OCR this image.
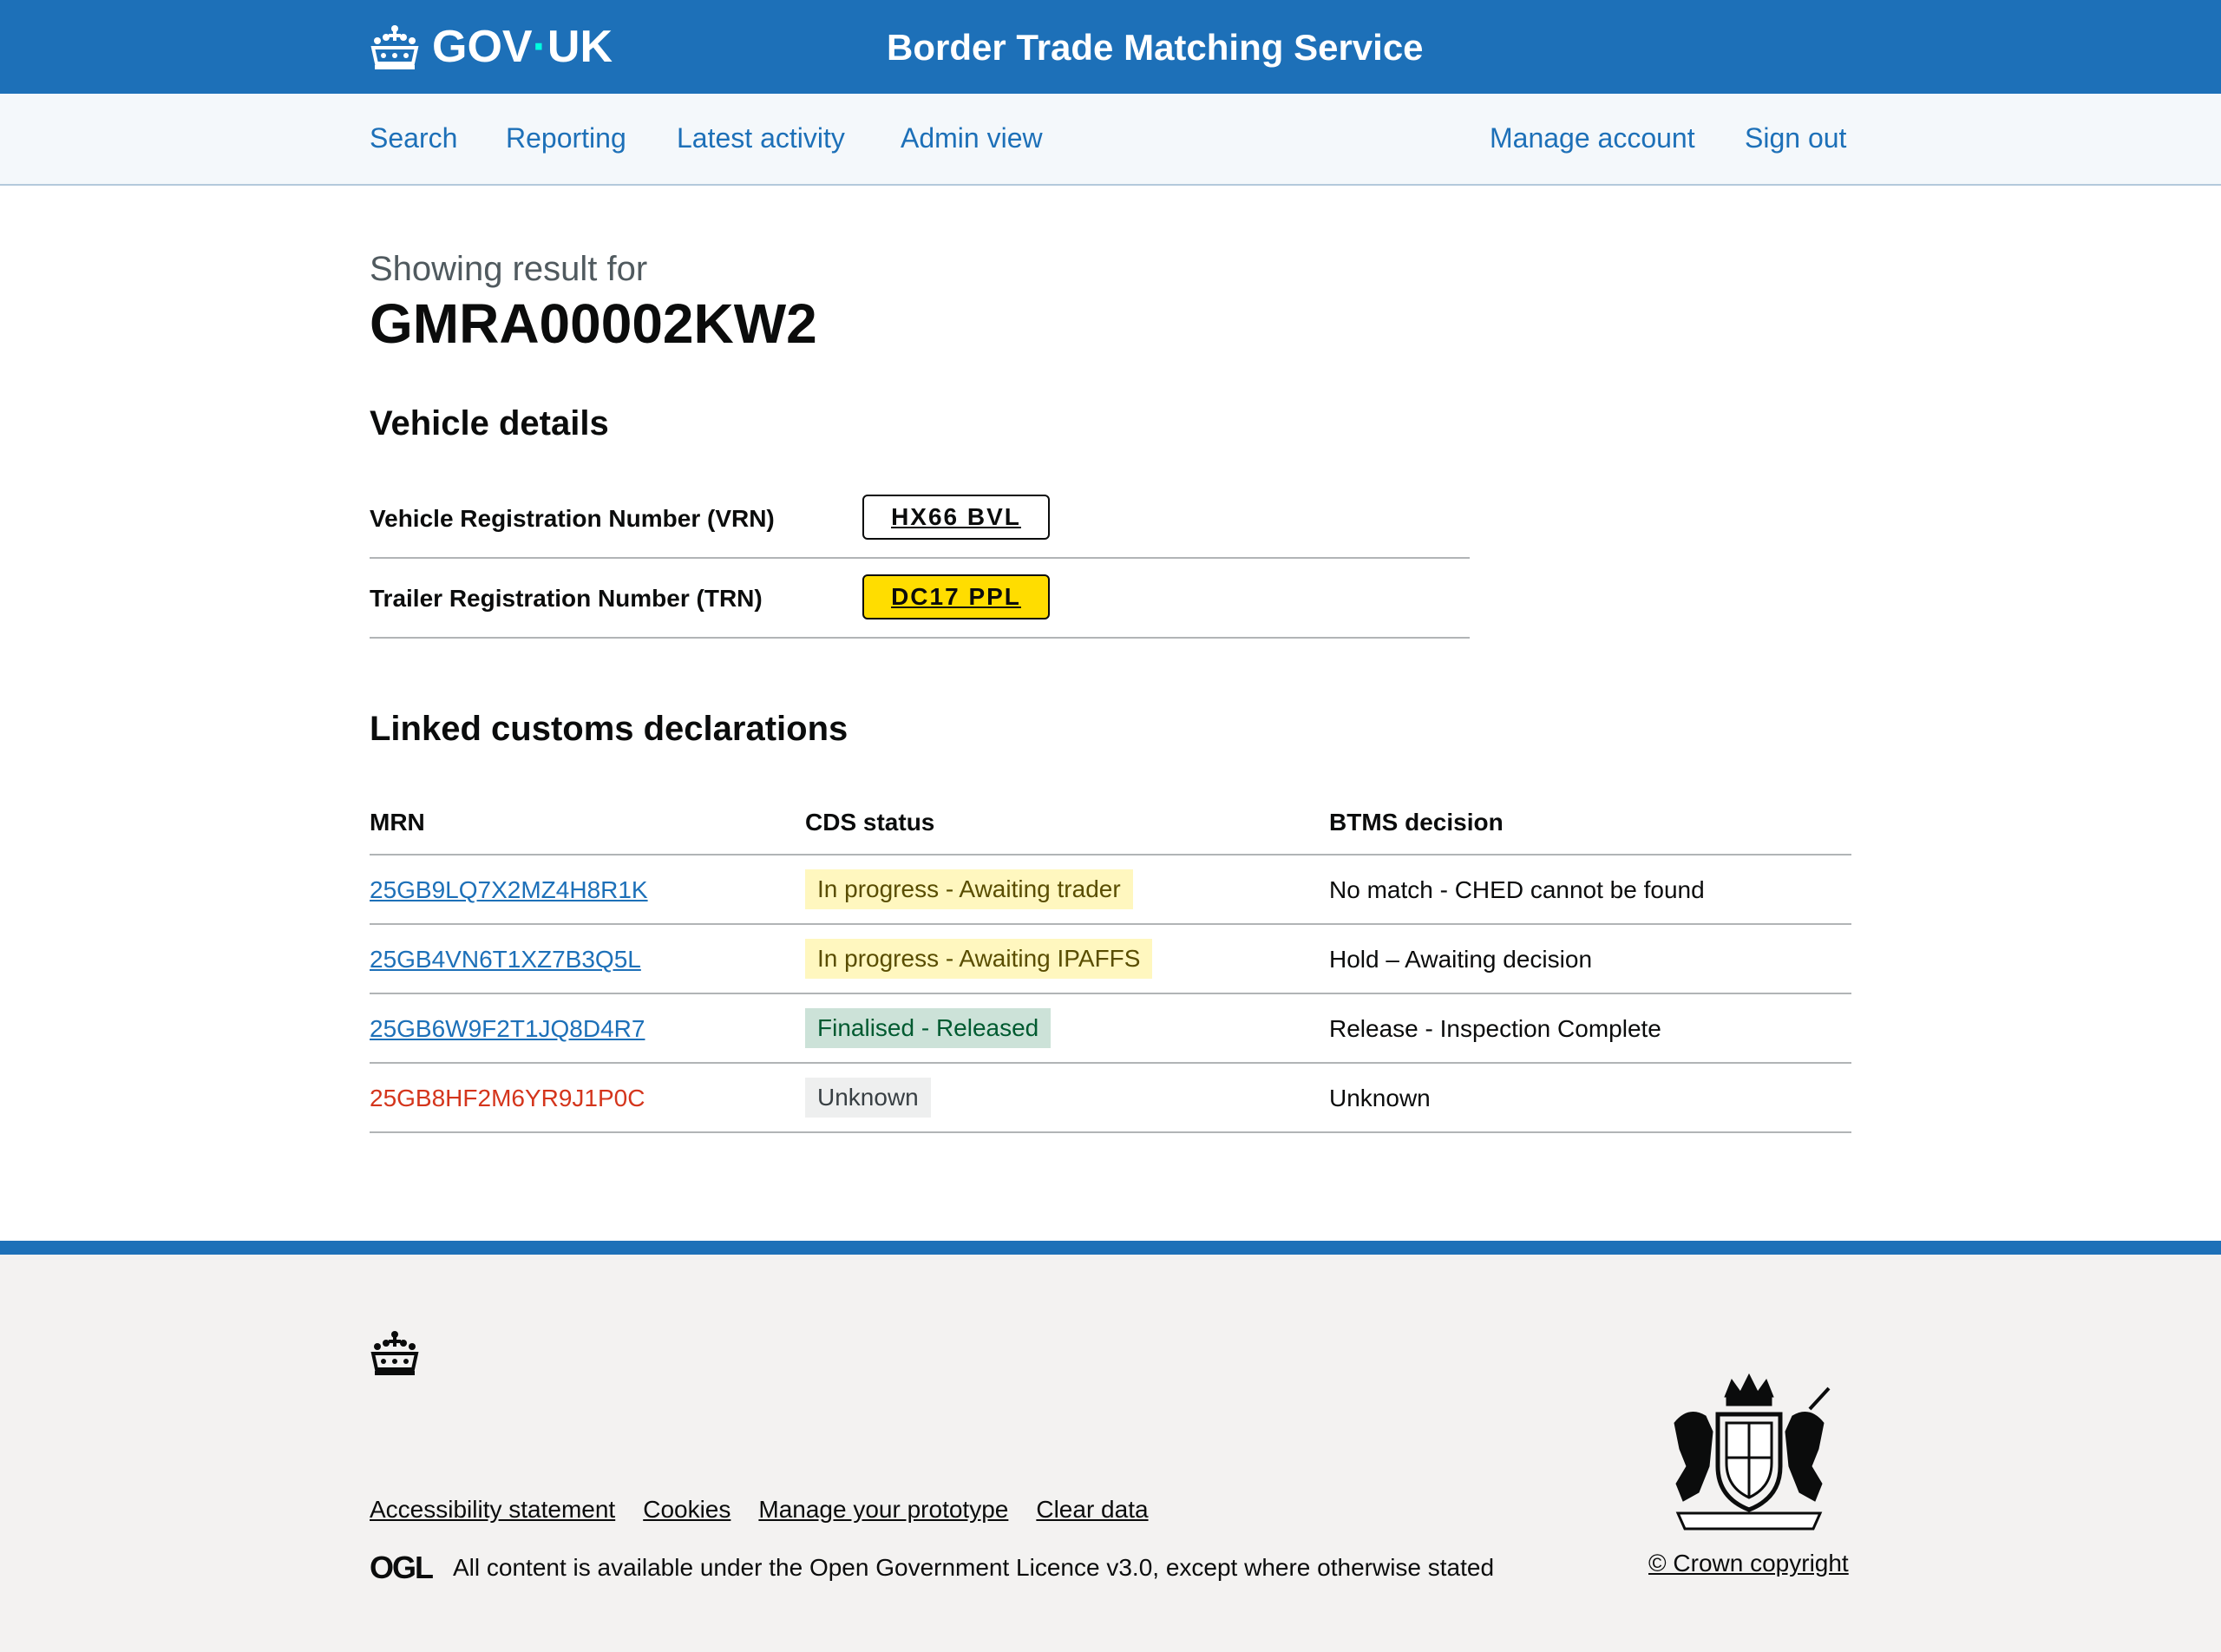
GOV·UK	Border Trade Matching Service
Search Reporting Latest activity Admin view	Manage account Sign out
Showing result for
GMRA00002KW2
Vehicle details
Vehicle Registration Number (VRN)	HX66 BVL
Trailer Registration Number (TRN)	DC17 PPL
Linked customs declarations
MRN	CDS status	BTMS decision
25GB9LQ7X2MZ4H8R1K	In progress - Awaiting trader	No match - CHED cannot be found
25GB4VN6T1XZ7B3Q5L	In progress - Awaiting IPAFFS	Hold – Awaiting decision
25GB6W9F2T1JQ8D4R7	Finalised - Released	Release - Inspection Complete
25GB8HF2M6YR9J1P0C	Unknown	Unknown
Accessibility statement Cookies Manage your prototype Clear data
OGL All content is available under the
Open Government Licence v3.0 , except where otherwise stated	© Crown copyright
